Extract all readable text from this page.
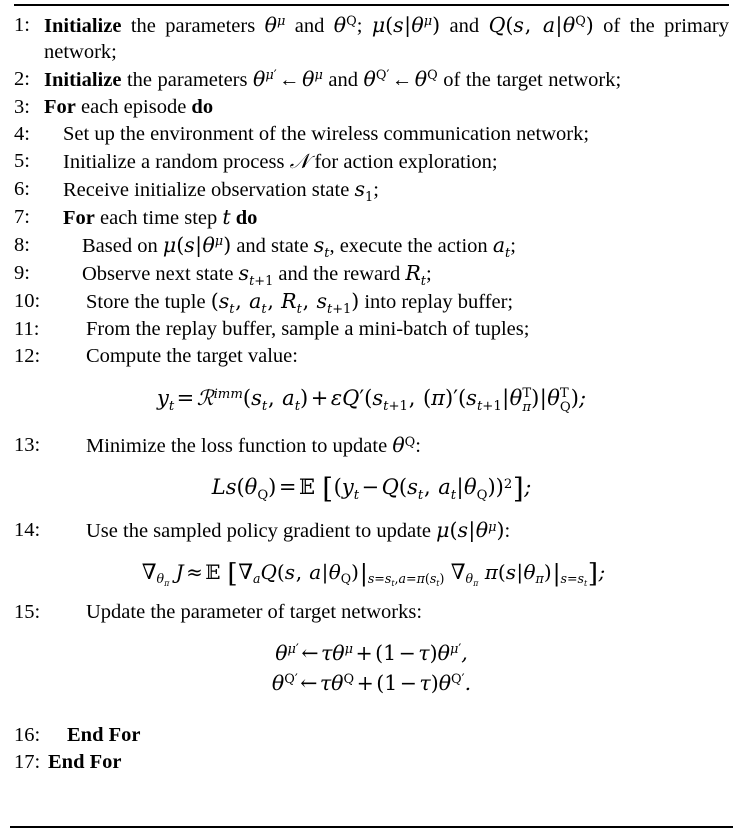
1: Initialize the parameters $\theta^\mu$ and $\theta^Q$; $\mu(s|\theta^\mu)$ and Q(s, $a|\theta^Q$) of the primary network;
2: Initialize the parameters $\theta^{\mu'}$ ← $\theta^\mu$ and $\theta^{Q'}$ ← $\theta^Q$ of the target network;
3: For each episode do
4:	Set up the environment of the wireless communication network;
5:	Initialize a random process 𝒩 for action exploration;
6:	Receive initialize observation state $s_1$;
7:	For each time step t do
8:	Based on $\mu(s|\theta^\mu)$ and state $s_t$, execute the action $a_t$;
9:	Observe next state $s_{t+1}$ and the reward $R_t$;
10:	Store the tuple ($s_t$, $a_t$, $R_t$, $s_{t+1}$) into replay buffer;
11:	From the replay buffer, sample a mini-batch of tuples;
12:	Compute the target value:
$y_t$ = $ℛ^{imm}(s_t$, $a_t) + \varepsilon Q'(s_{t+1}$, $(\pi)'(s_{t+1}|\theta$ T
π )|θ T
Q );
13:	Minimize the loss function to update $\theta^Q$:
$Ls(\theta_Q)$ = 𝔼 [($y_t - Q(s_t$, $a_t|\theta_Q))^2$];
14:	Use the sampled policy gradient to update $\mu(s|\theta^\mu)$:
$\nabla_{\theta_\pi}$ J ≈ 𝔼 [$\nabla_aQ(s$, $a|\theta_Q)|_{s=s_t,a=\pi(s_t)}$ $\nabla_{\theta_\pi}$ $\pi(s|\theta_\pi)|_{s=s_t}$];
15:	Update the parameter of target networks:
$\theta^{\mu'}$ ← $\tau\theta^\mu + (1 - \tau)\theta^{\mu'}$,
$\theta^{Q'}$ ← $\tau\theta^Q + (1 - \tau)\theta^{Q'}$.
16:	End For
17: End For
